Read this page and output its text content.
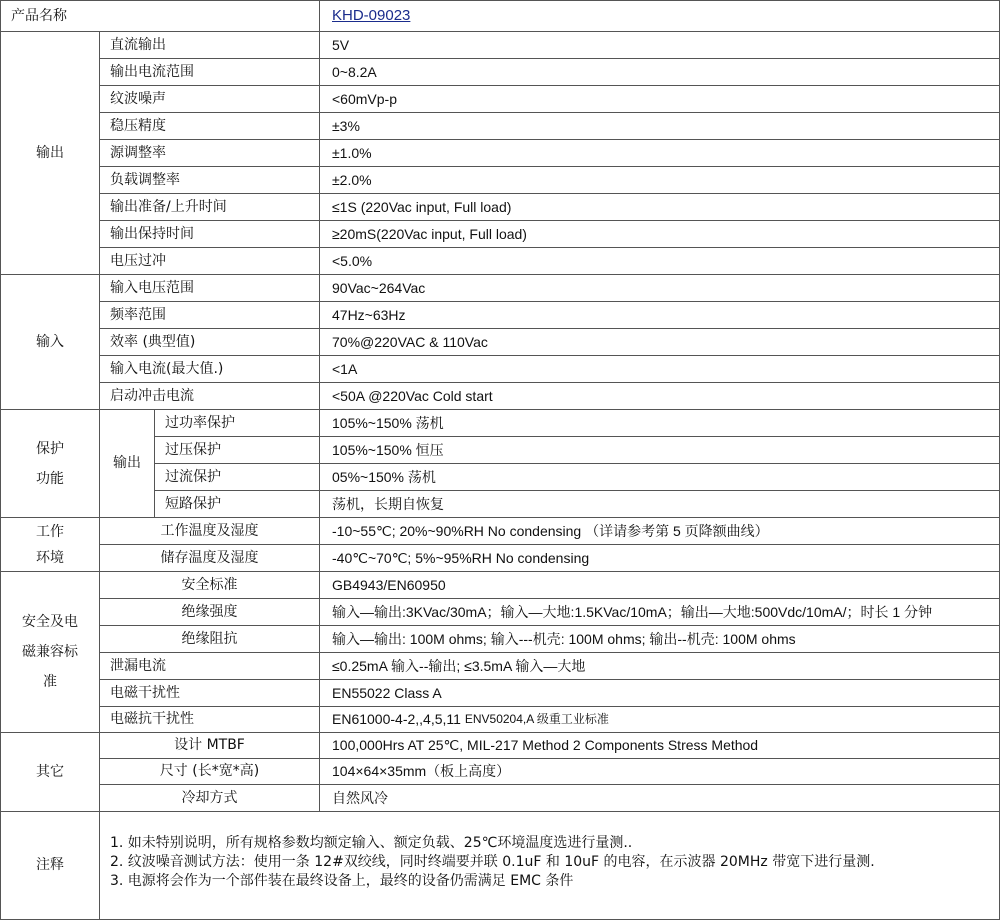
产品名称	KHD-09023
输出
直流输出	5V
输出电流范围	0~8.2A
纹波噪声	<60mVp-p
稳压精度	±3%
源调整率	±1.0%
负载调整率	±2.0%
输出准备/上升时间	≤1S (220Vac input, Full load)
输出保持时间	≥20mS(220Vac input, Full load)
电压过冲	<5.0%
输入
输入电压范围	90Vac~264Vac
频率范围	47Hz~63Hz
效率 (典型值)	70%@220VAC & 110Vac
输入电流(最大值.)	<1A
启动冲击电流	<50A @220Vac Cold start
保护
功能
输出
过功率保护	105%~150% 荡机
过压保护	105%~150% 恒压
过流保护	05%~150% 荡机
短路保护	荡机，长期自恢复
工作
环境
工作温度及湿度	-10~55℃; 20%~90%RH No condensing （详请参考第 5 页降额曲线）
储存温度及湿度	-40℃~70℃; 5%~95%RH No condensing
安全及电
磁兼容标
准
安全标准	GB4943/EN60950
绝缘强度	输入—输出:3KVac/30mA；输入—大地:1.5KVac/10mA；输出—大地:500Vdc/10mA/；时长 1 分钟
绝缘阻抗	输入—输出: 100M ohms; 输入---机壳: 100M ohms; 输出--机壳: 100M ohms
泄漏电流	≤0.25mA 输入--输出; ≤3.5mA 输入—大地
电磁干扰性	EN55022 Class A
电磁抗干扰性	EN61000-4-2,,4,5,11
ENV50204,A 级重工业标准
其它
设计 MTBF	100,000Hrs AT 25℃, MIL-217 Method 2 Components Stress Method
尺寸 (长*宽*高)	104×64×35mm（板上高度）
冷却方式	自然风冷
注释
1. 如未特别说明，所有规格参数均额定输入、额定负载、25℃环境温度选进行量测..
2. 纹波噪音测试方法：使用一条 12#双绞线，同时终端要并联 0.1uF 和 10uF 的电容，在示波器 20MHz 带宽下进行量测.
3. 电源将会作为一个部件装在最终设备上，最终的设备仍需满足 EMC 条件
